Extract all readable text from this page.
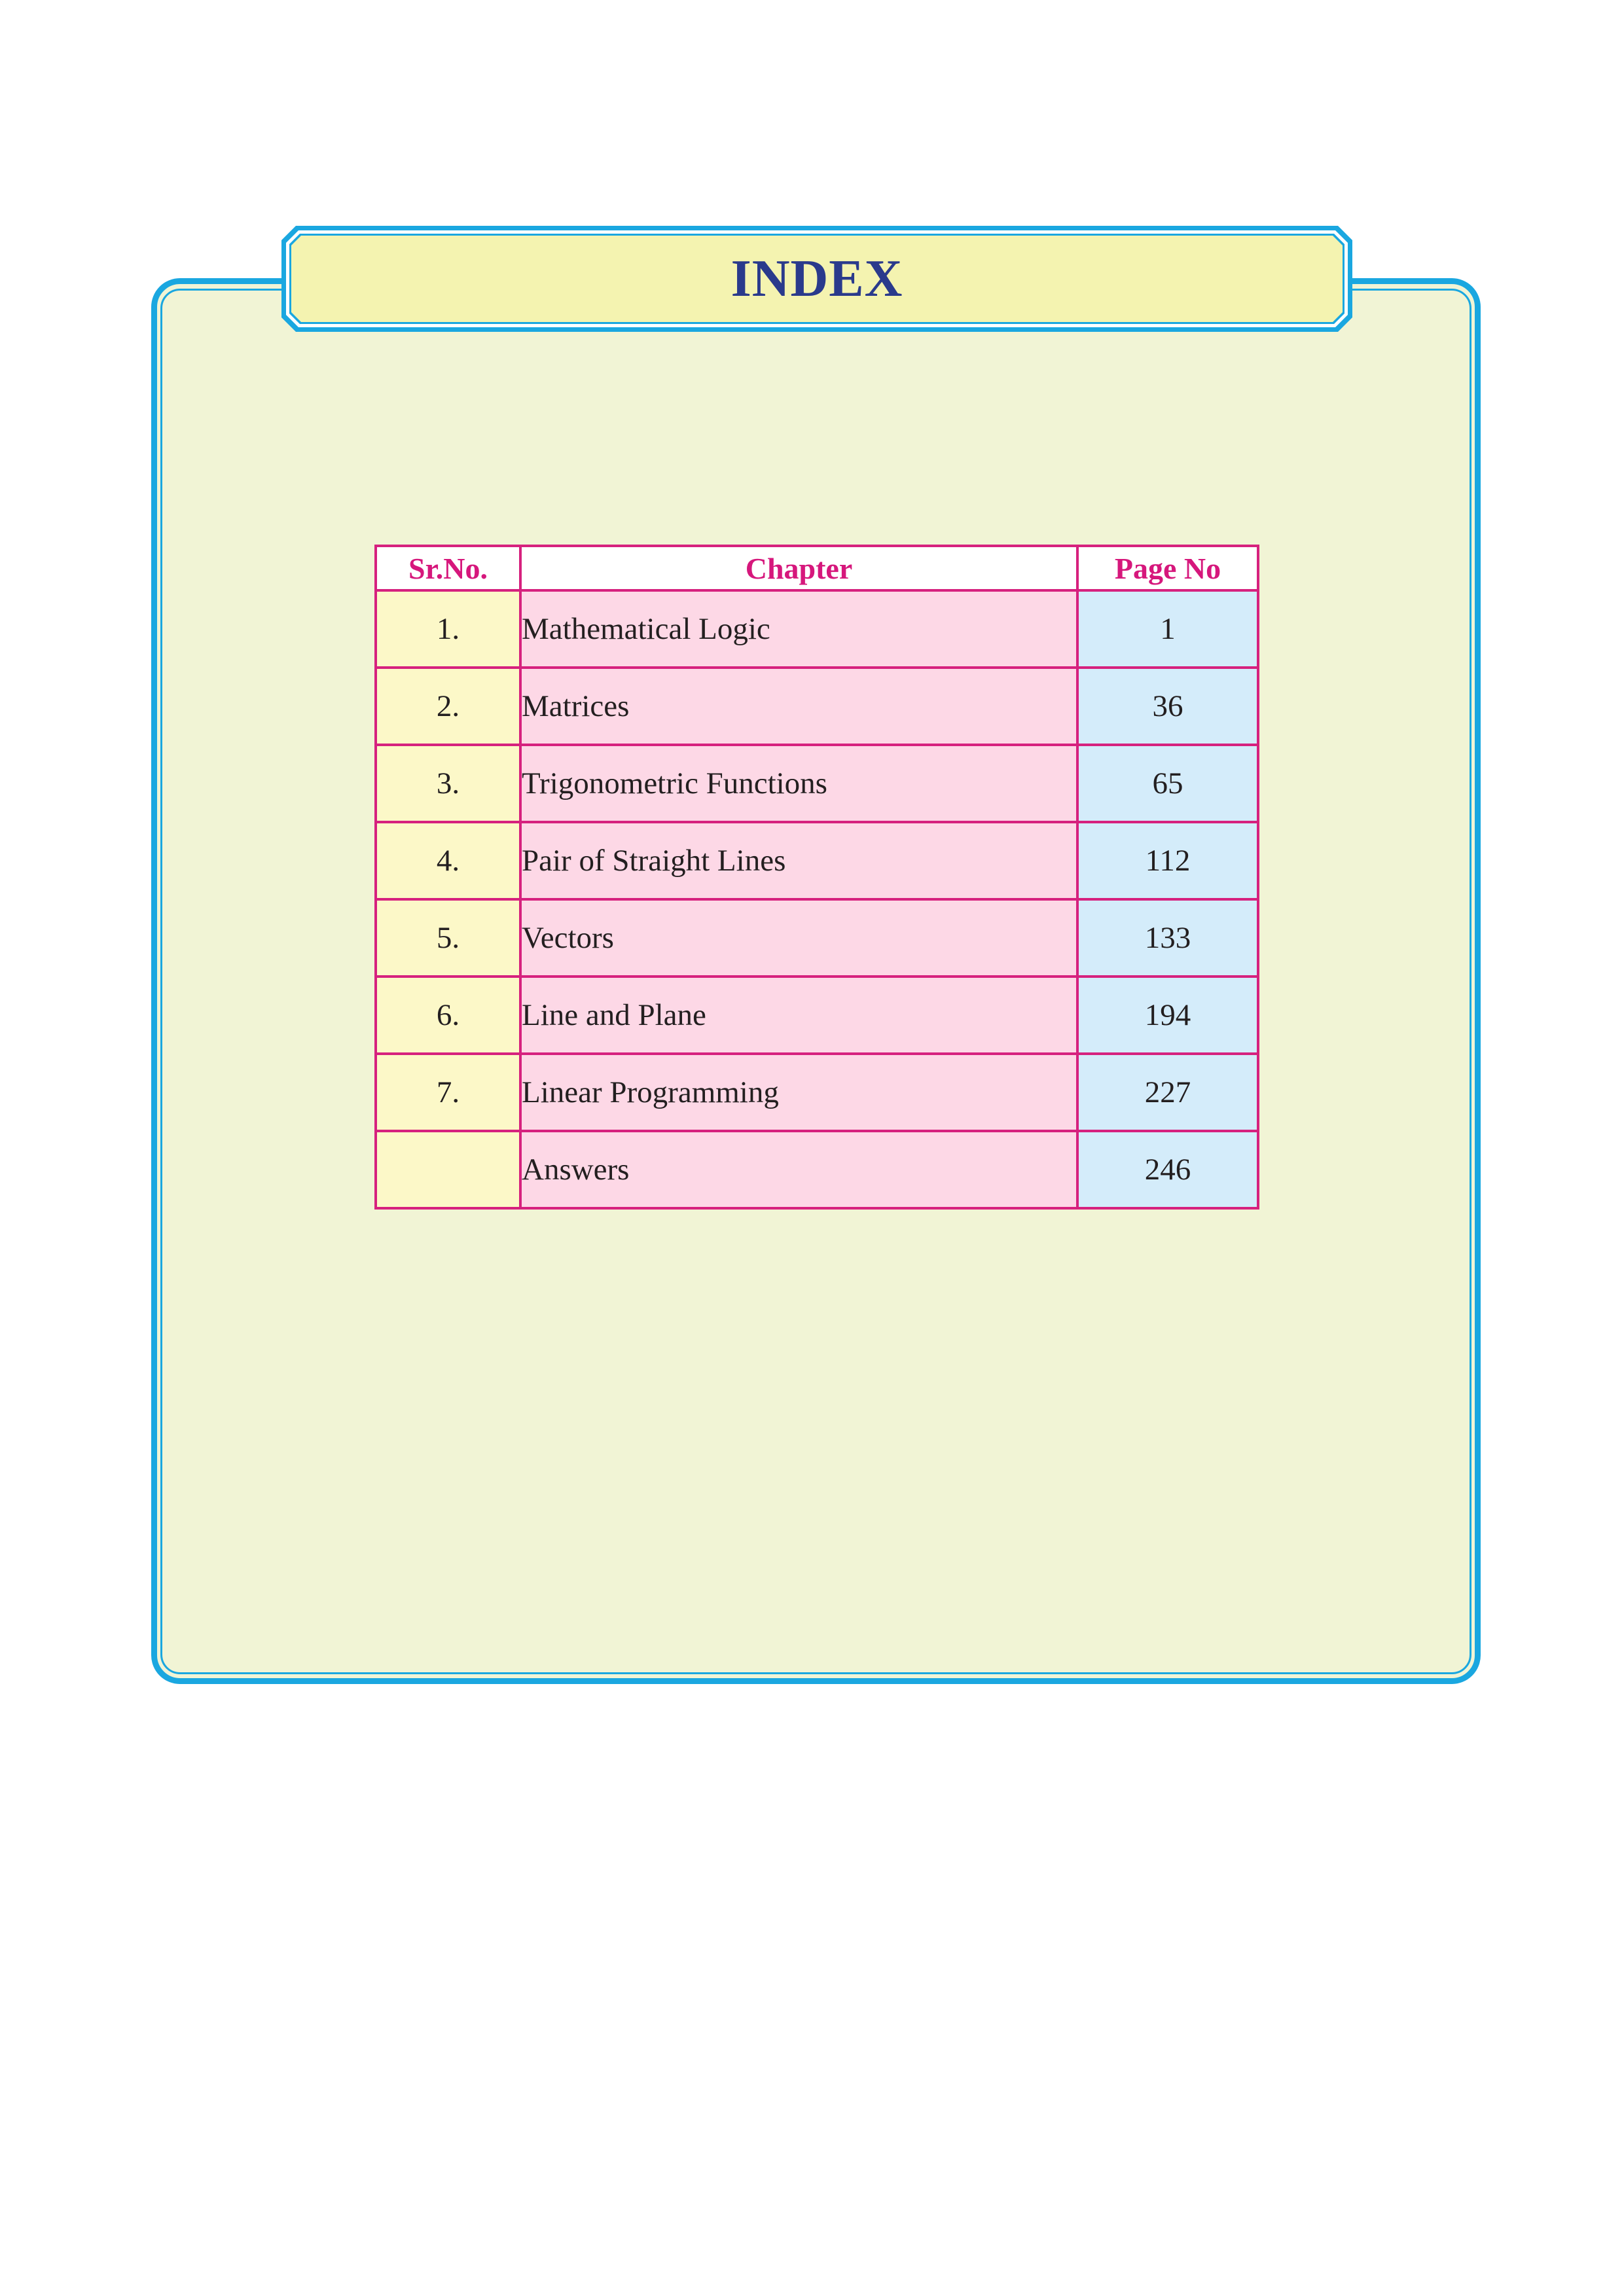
INDEX
Sr.No.	Chapter	Page No
1.	Mathematical Logic	1
2.	Matrices	36
3.	Trigonometric Functions	65
4.	Pair of Straight Lines	112
5.	Vectors	133
6.	Line and Plane	194
7.	Linear Programming	227
	Answers	246
